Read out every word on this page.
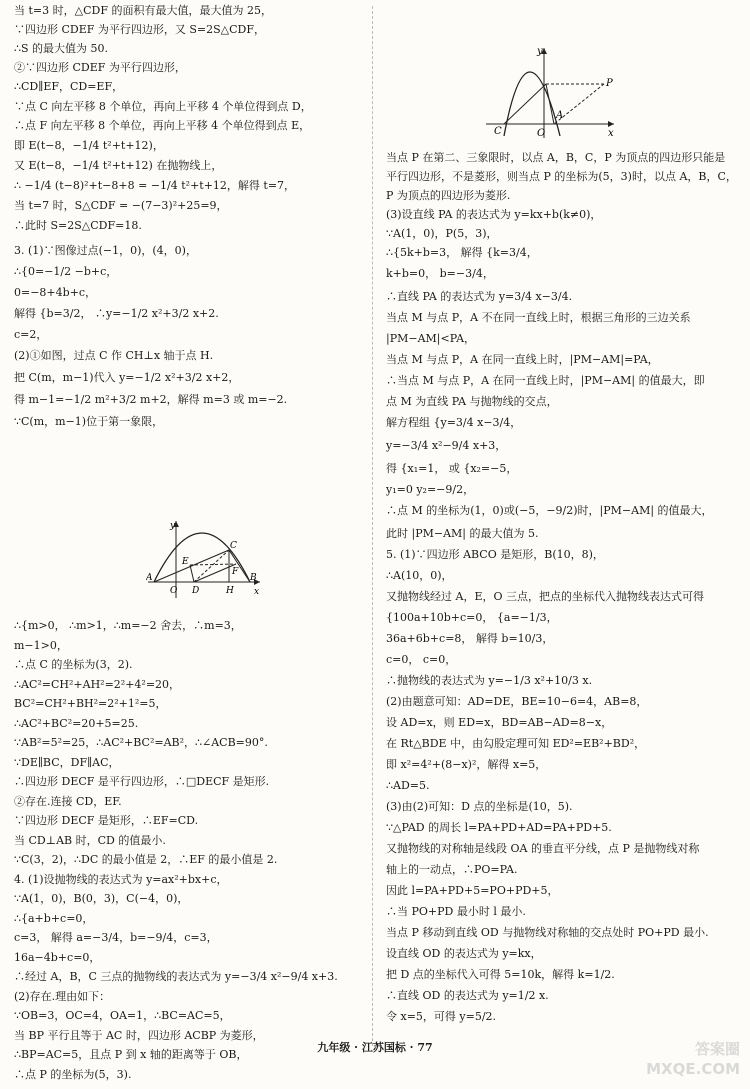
当 t=3 时，△CDF 的面积有最大值，最大值为 25，
∵四边形 CDEF 为平行四边形，又 S=2S△CDF，
∴S 的最大值为 50.
②∵四边形 CDEF 为平行四边形，
∴CD∥EF，CD=EF，
∵点 C 向左平移 8 个单位，再向上平移 4 个单位得到点 D，
∴点 F 向左平移 8 个单位，再向上平移 4 个单位得到点 E，
即 E(t−8，−1/4 t²+t+12)，
又 E(t−8，−1/4 t²+t+12) 在抛物线上，
∴ −1/4 (t−8)²+t−8+8 = −1/4 t²+t+12，解得 t=7，
当 t=7 时，S△CDF = −(7−3)²+25=9，
∴此时 S=2S△CDF=18.
3. (1)∵图像过点(−1，0)，(4，0)，
∴{0=−1/2 −b+c，
0=−8+4b+c，
解得 {b=3/2， ∴y=−1/2 x²+3/2 x+2.
c=2，
(2)①如图，过点 C 作 CH⊥x 轴于点 H.
把 C(m，m−1)代入 y=−1/2 x²+3/2 x+2，
得 m−1=−1/2 m²+3/2 m+2，解得 m=3 或 m=−2.
∵C(m，m−1)位于第一象限，
∴{m>0， ∴m>1，∴m=−2 舍去，∴m=3，
m−1>0，
∴点 C 的坐标为(3，2).
∴AC²=CH²+AH²=2²+4²=20，
BC²=CH²+BH²=2²+1²=5，
∴AC²+BC²=20+5=25.
∵AB²=5²=25，∴AC²+BC²=AB²，∴∠ACB=90°.
∵DE∥BC，DF∥AC，
∴四边形 DECF 是平行四边形，∴□DECF 是矩形.
②存在.连接 CD，EF.
∵四边形 DECF 是矩形，∴EF=CD.
当 CD⊥AB 时，CD 的值最小.
∵C(3，2)，∴DC 的最小值是 2，∴EF 的最小值是 2.
4. (1)设抛物线的表达式为 y=ax²+bx+c，
∵A(1，0)，B(0，3)，C(−4，0)，
∴{a+b+c=0，
c=3， 解得 a=−3/4，b=−9/4，c=3，
16a−4b+c=0，
∴经过 A，B，C 三点的抛物线的表达式为 y=−3/4 x²−9/4 x+3.
(2)存在.理由如下：
∵OB=3，OC=4，OA=1，∴BC=AC=5，
当 BP 平行且等于 AC 时，四边形 ACBP 为菱形，
∴BP=AC=5，且点 P 到 x 轴的距离等于 OB，
∴点 P 的坐标为(5，3).
当点 P 在第二、三象限时，以点 A，B，C，P 为顶点的四边形只能是
平行四边形，不是菱形，则当点 P 的坐标为(5，3)时，以点 A，B，C，
P 为顶点的四边形为菱形.
(3)设直线 PA 的表达式为 y=kx+b(k≠0)，
∵A(1，0)，P(5，3)，
∴{5k+b=3， 解得 {k=3/4，
k+b=0， b=−3/4，
∴直线 PA 的表达式为 y=3/4 x−3/4.
当点 M 与点 P，A 不在同一直线上时，根据三角形的三边关系
|PM−AM|<PA，
当点 M 与点 P，A 在同一直线上时，|PM−AM|=PA，
∴当点 M 与点 P，A 在同一直线上时，|PM−AM| 的值最大，即
点 M 为直线 PA 与抛物线的交点，
解方程组 {y=3/4 x−3/4，
y=−3/4 x²−9/4 x+3，
得 {x₁=1， 或 {x₂=−5，
y₁=0 y₂=−9/2，
∴点 M 的坐标为(1，0)或(−5，−9/2)时，|PM−AM| 的值最大，
此时 |PM−AM| 的最大值为 5.
5. (1)∵四边形 ABCO 是矩形，B(10，8)，
∴A(10，0)，
又抛物线经过 A，E，O 三点，把点的坐标代入抛物线表达式可得
{100a+10b+c=0， {a=−1/3，
36a+6b+c=8， 解得 b=10/3，
c=0， c=0，
∴抛物线的表达式为 y=−1/3 x²+10/3 x.
(2)由题意可知：AD=DE，BE=10−6=4，AB=8，
设 AD=x，则 ED=x，BD=AB−AD=8−x，
在 Rt△BDE 中，由勾股定理可知 ED²=EB²+BD²，
即 x²=4²+(8−x)²，解得 x=5，
∴AD=5.
(3)由(2)可知：D 点的坐标是(10，5).
∵△PAD 的周长 l=PA+PD+AD=PA+PD+5.
又抛物线的对称轴是线段 OA 的垂直平分线，点 P 是抛物线对称
轴上的一动点，∴PO=PA.
因此 l=PA+PD+5=PO+PD+5，
∴当 PO+PD 最小时 l 最小.
当点 P 移动到直线 OD 与抛物线对称轴的交点处时 PO+PD 最小.
设直线 OD 的表达式为 y=kx，
把 D 点的坐标代入可得 5=10k，解得 k=1/2.
∴直线 OD 的表达式为 y=1/2 x.
令 x=5，可得 y=5/2.
y
x
P
C	O
A
y
x
C
E
F
A
O D	H
B
九年级 · 江苏国标 · 77	答案圈 MXQE.COM
